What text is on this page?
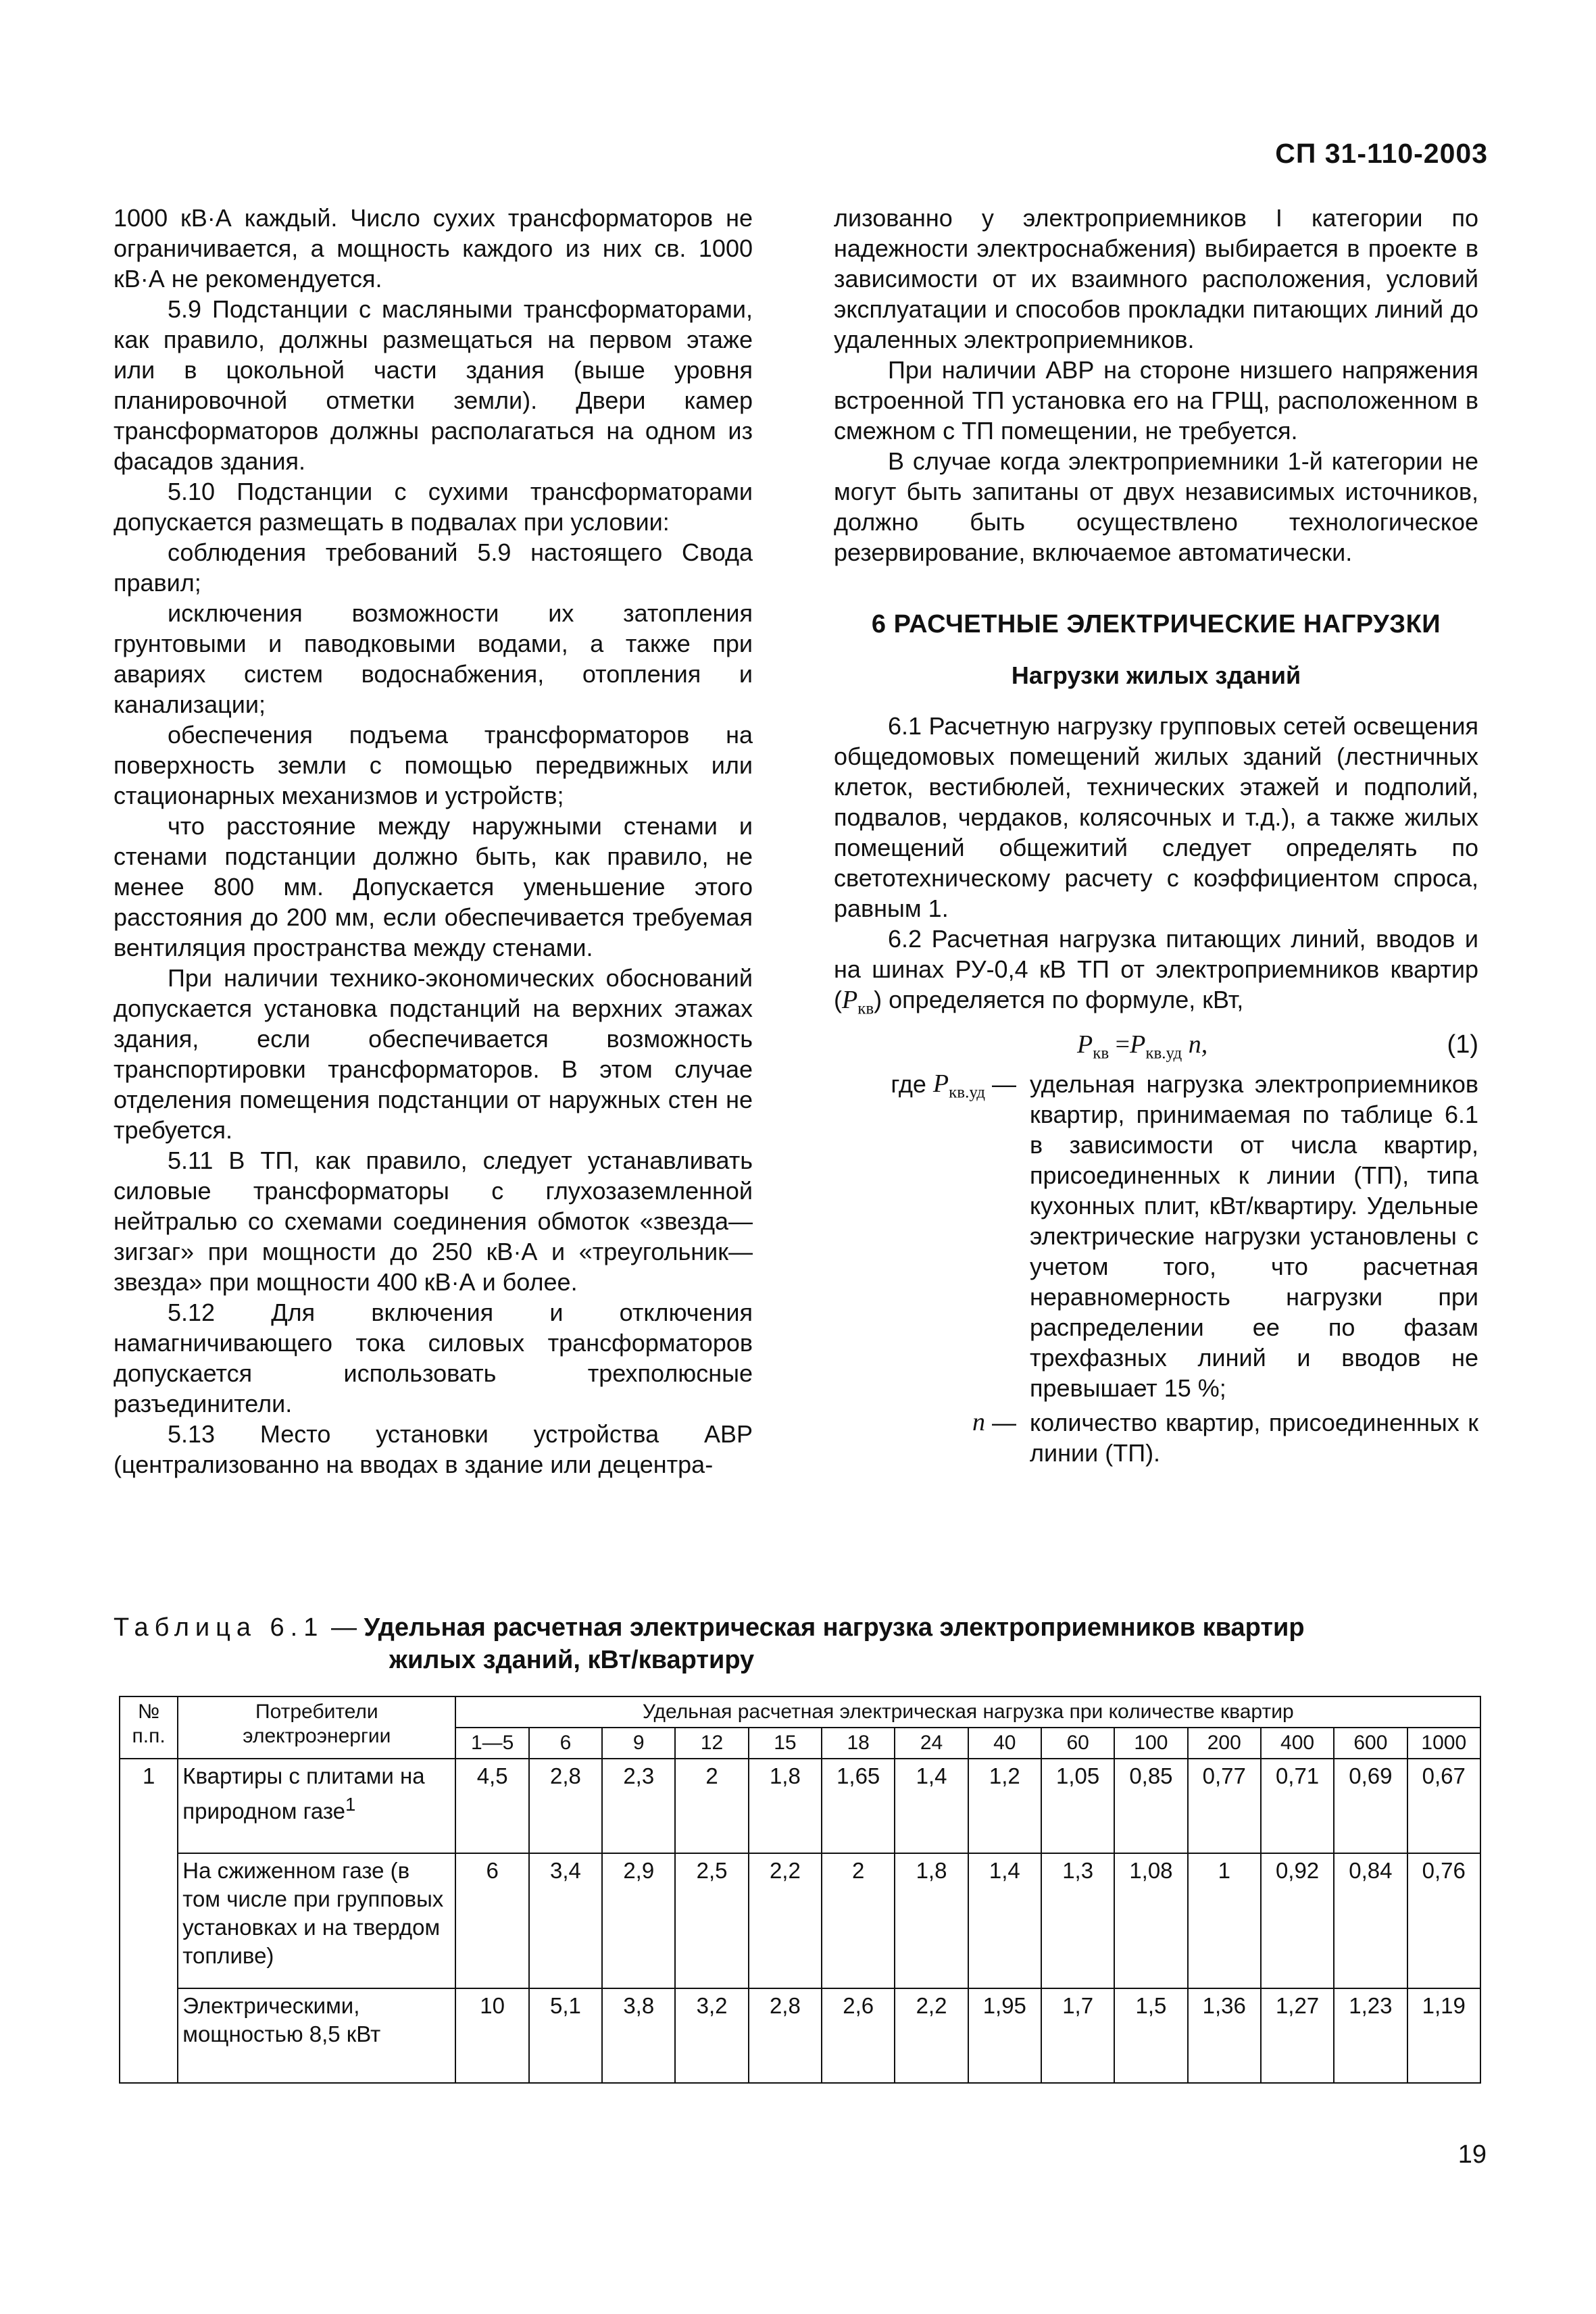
СП 31-110-2003

1000 кВ·А каждый. Число сухих трансформаторов не ограничивается, а мощность каждого из них св. 1000 кВ·А не рекомендуется.

5.9 Подстанции с масляными трансформаторами, как правило, должны размещаться на первом этаже или в цокольной части здания (выше уровня планировочной отметки земли). Двери камер трансформаторов должны располагаться на одном из фасадов здания.

5.10 Подстанции с сухими трансформаторами допускается размещать в подвалах при условии:

соблюдения требований 5.9 настоящего Свода правил;

исключения возможности их затопления грунтовыми и паводковыми водами, а также при авариях систем водоснабжения, отопления и канализации;

обеспечения подъема трансформаторов на поверхность земли с помощью передвижных или стационарных механизмов и устройств;

что расстояние между наружными стенами и стенами подстанции должно быть, как правило, не менее 800 мм. Допускается уменьшение этого расстояния до 200 мм, если обеспечивается требуемая вентиляция пространства между стенами.

При наличии технико-экономических обоснований допускается установка подстанций на верхних этажах здания, если обеспечивается возможность транспортировки трансформаторов. В этом случае отделения помещения подстанции от наружных стен не требуется.

5.11 В ТП, как правило, следует устанавливать силовые трансформаторы с глухозаземленной нейтралью со схемами соединения обмоток «звезда—зигзаг» при мощности до 250 кВ·А и «треугольник—звезда» при мощности 400 кВ·А и более.

5.12 Для включения и отключения намагничивающего тока силовых трансформаторов допускается использовать трехполюсные разъединители.

5.13 Место установки устройства АВР (централизованно на вводах в здание или децентра-

лизованно у электроприемников I категории по надежности электроснабжения) выбирается в проекте в зависимости от их взаимного расположения, условий эксплуатации и способов прокладки питающих линий до удаленных электроприемников.

При наличии АВР на стороне низшего напряжения встроенной ТП установка его на ГРЩ, расположенном в смежном с ТП помещении, не требуется.

В случае когда электроприемники 1-й категории не могут быть запитаны от двух независимых источников, должно быть осуществлено технологическое резервирование, включаемое автоматически.

6 РАСЧЕТНЫЕ ЭЛЕКТРИЧЕСКИЕ НАГРУЗКИ
Нагрузки жилых зданий

6.1 Расчетную нагрузку групповых сетей освещения общедомовых помещений жилых зданий (лестничных клеток, вестибюлей, технических этажей и подполий, подвалов, чердаков, колясочных и т.д.), а также жилых помещений общежитий следует определять по светотехническому расчету с коэффициентом спроса, равным 1.

6.2 Расчетная нагрузка питающих линий, вводов и на шинах РУ-0,4 кВ ТП от электроприемников квартир $(P_{кв})$ определяется по формуле, кВт,

$P_{кв} =P_{кв.уд}$ n,	(1)
где
$P_{кв.уд}$
— удельная нагрузка электроприемников квартир, принимаемая по таблице 6.1 в зависимости от числа квартир, присоединенных к линии (ТП), типа кухонных плит, кВт/квартиру. Удельные электрические нагрузки установлены с учетом того, что расчетная неравномерность нагрузки при распределении ее по фазам трехфазных линий и вводов не превышает 15 %;
n
— количество квартир, присоединенных к линии (ТП).
Таблица 6.1 — Удельная расчетная электрическая нагрузка электроприемников квартир
жилых зданий, кВт/квартиру
№ п.п.	Потребители электроэнергии	Удельная расчетная электрическая нагрузка при количестве квартир													
		1—5	6	9	12	15	18	24	40	60	100	200	400	600	1000
1	Квартиры с плитами на природном газе$^1$	4,5	2,8	2,3	2	1,8	1,65	1,4	1,2	1,05	0,85	0,77	0,71	0,69	0,67
	На сжиженном газе (в том числе при групповых установках и на твердом топливе)	6	3,4	2,9	2,5	2,2	2	1,8	1,4	1,3	1,08	1	0,92	0,84	0,76
	Электрическими, мощностью 8,5 кВт	10	5,1	3,8	3,2	2,8	2,6	2,2	1,95	1,7	1,5	1,36	1,27	1,23	1,19
19
